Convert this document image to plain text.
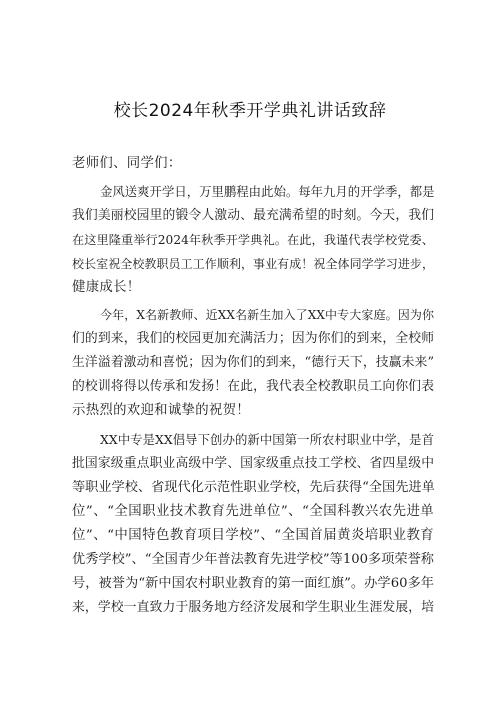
校长2024年秋季开学典礼讲话致辞
老师们、同学们：
金风送爽开学日，万里鹏程由此始。每年九月的开学季，都是
我们美丽校园里的锻令人激动、最充满希望的时刻。今天，我们
在这里隆重举行2024年秋季开学典礼。在此，我谨代表学校党委、
校长室祝全校教职员工工作顺利，事业有成！祝全体同学学习进步，
健康成长！
今年，X名新教师、近XX名新生加入了XX中专大家庭。因为你
们的到来，我们的校园更加充满活力；因为你们的到来，全校师
生洋溢着激动和喜悦；因为你们的到来，“德行天下，技赢未来”
的校训将得以传承和发扬！在此，我代表全校教职员工向你们表
示热烈的欢迎和诚挚的祝贺！
XX中专是XX倡导下创办的新中国第一所农村职业中学，是首
批国家级重点职业高级中学、国家级重点技工学校、省四星级中
等职业学校、省现代化示范性职业学校，先后获得“全国先进单
位”、“全国职业技术教育先进单位”、“全国科教兴农先进单
位”、“中国特色教育项目学校”、“全国首届黄炎培职业教育
优秀学校”、“全国青少年普法教育先进学校”等100多项荣誉称
号，被誉为“新中国农村职业教育的第一面红旗”。办学60多年
来，学校一直致力于服务地方经济发展和学生职业生涯发展，培
